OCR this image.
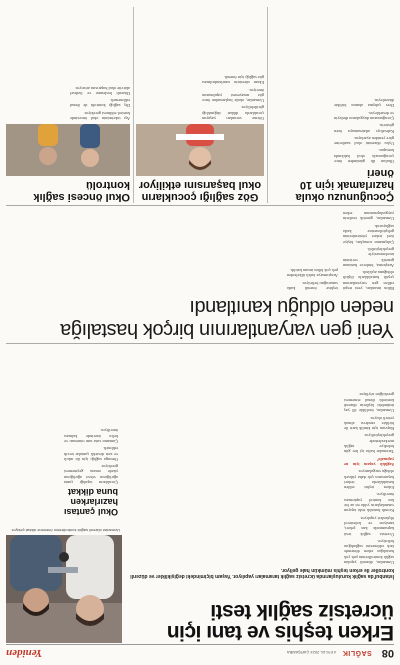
08
SAĞLIK
4 EYLÜL 2024 ÇARŞAMBA
Yeniden
Erken teşhis ve tanı için ücretsiz sağlık testi
İstanbul'da sağlık kuruluşlarında ücretsiz sağlık taramaları yapılıyor. Yaşam biçimindeki değişiklikler ve düzenli kontroller ile erken teşhis mümkün hale geliyor.
Uzmanlar düzenli sağlık kontrollerinin önemine dikkat çekiyor.

Uzmanlar, düzenli yapılan sağlık kontrollerinin pek çok hastalığın erken dönemde fark edilmesini sağladığını belirtiyor.

Ücretsiz sağlık testi kapsamında kan şekeri, tansiyon ve kolesterol ölçümleri yapılıyor.

Kronik hastalık riski taşıyan vatandaşların yılda en az bir kez kontrol yaptırması öneriliyor.

Erken teşhis edilen hastalıklarda tedavi başarısının çok daha yüksek olduğu vurgulanıyor.

Sağlıklı yaşam için ne yapmalı?

Taramalar hafta içi her gün belediye sağlık merkezlerinde gerçekleştiriliyor.

Başvuru için kimlik kartı ile birlikte randevu almak yeterli oluyor.

Uzmanlar, özellikle 40 yaş üstündeki kişilerin düzenli kontrolü ihmal etmemesi gerektiğini söylüyor.

Okul çantası hazırlarken buna dikkat

Çocukların taşıdığı çanta ağırlığının vücut ağırlığının yüzde onunu geçmemesi gerekiyor.

Omurga sağlığı için iki askılı ve sırtı destekli çantalar tercih edilmeli.

Çantanın sırta tam oturması ve belin üzerinde kalması öneriliyor.

Yeni gen varyantlarının birçok hastalığa neden olduğu kanıtlandı

Bilim insanları, yeni tespit edilen gen varyantlarının çeşitli hastalıklarla ilişkili olduğunu açıkladı.

Araştırma, binlerce hastanın genetik verisinin incelenmesiyle gerçekleştirildi.

Çalışmanın sonuçları, kişiye özel tedavi yöntemlerinin geliştirilmesine katkı sağlayacak.

Uzmanlar, genetik testlerin yaygınlaşmasının erken teşhise önemli katkı sunacağını belirtiyor.

Araştırmaya farklı ülkelerden pek çok bilim insanı katıldı.

Çocuğunuzu okula hazırlamak için 10 öneri

Okulun ilk gününden önce çocuğunuzla okul hakkında konuşun.

Uyku düzenini okul saatlerine göre yeniden ayarlayın.

Kahvaltıyı atlatmamaya özen gösterin.

Çocuğunuzun duygularını dinleyin ve destekleyin.

Ders çalışma alanını birlikte düzenleyin.

Göz sağlığı çocukların okul başarısını etkiliyor

Görme sorunları yaşayan çocuklarda dikkat dağınıklığı görülebiliyor.

Uzmanlar, okula başlamadan önce göz muayenesi yapılmasını öneriyor.

Ekran süresinin sınırlandırılması göz sağlığı için önemli.

Okul öncesi sağlık kontrolü

Aşı takviminin okul öncesinde kontrol edilmesi gerekiyor.

Diş sağlığı kontrolü de ihmal edilmemeli.

Düzenli beslenme ve fiziksel aktivite okul başarısını artırıyor.
